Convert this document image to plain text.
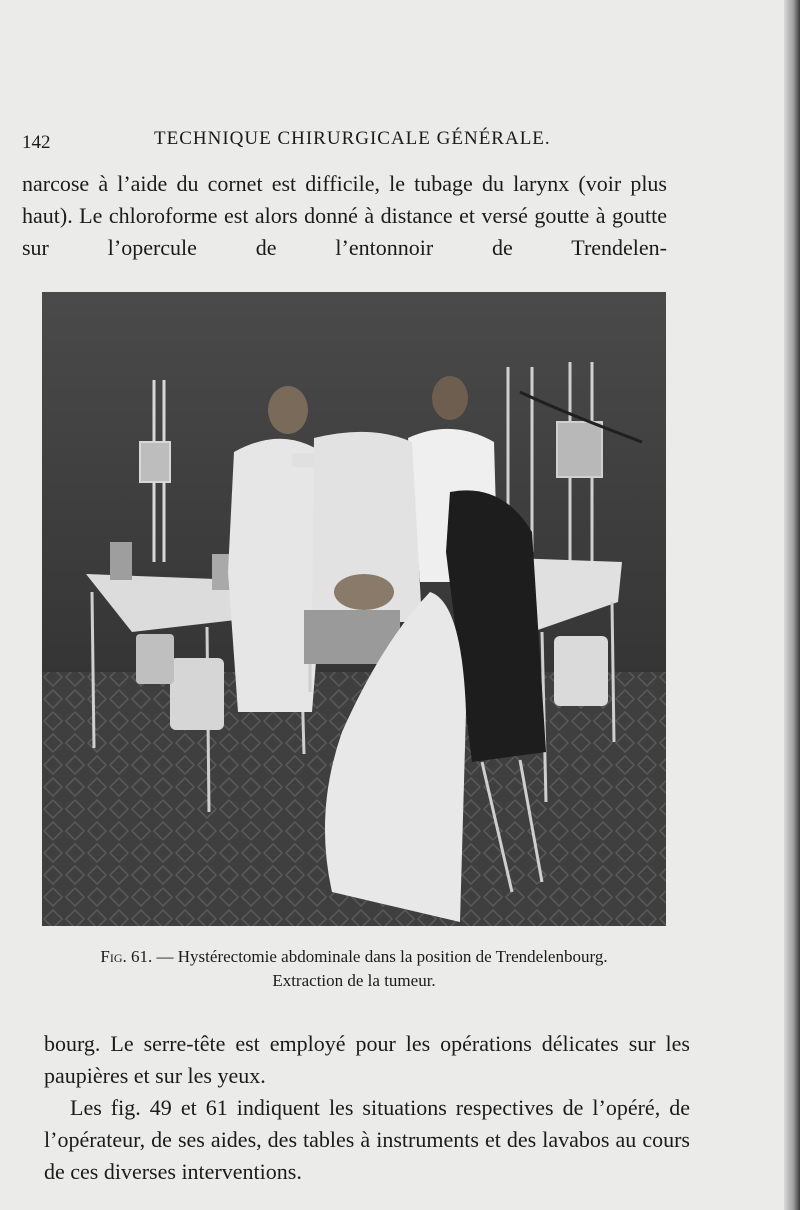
142	TECHNIQUE CHIRURGICALE GÉNÉRALE.

narcose à l’aide du cornet est difficile, le tubage du larynx (voir plus haut). Le chloroforme est alors donné à distance et versé goutte à goutte sur l’opercule de l’entonnoir de Trendelen-

Fig. 61. — Hystérectomie abdominale dans la position de Trendelenbourg.
Extraction de la tumeur.

bourg. Le serre-tête est employé pour les opérations délicates sur les paupières et sur les yeux.

Les fig. 49 et 61 indiquent les situations respectives de l’opéré, de l’opérateur, de ses aides, des tables à instruments et des lavabos au cours de ces diverses interventions.
